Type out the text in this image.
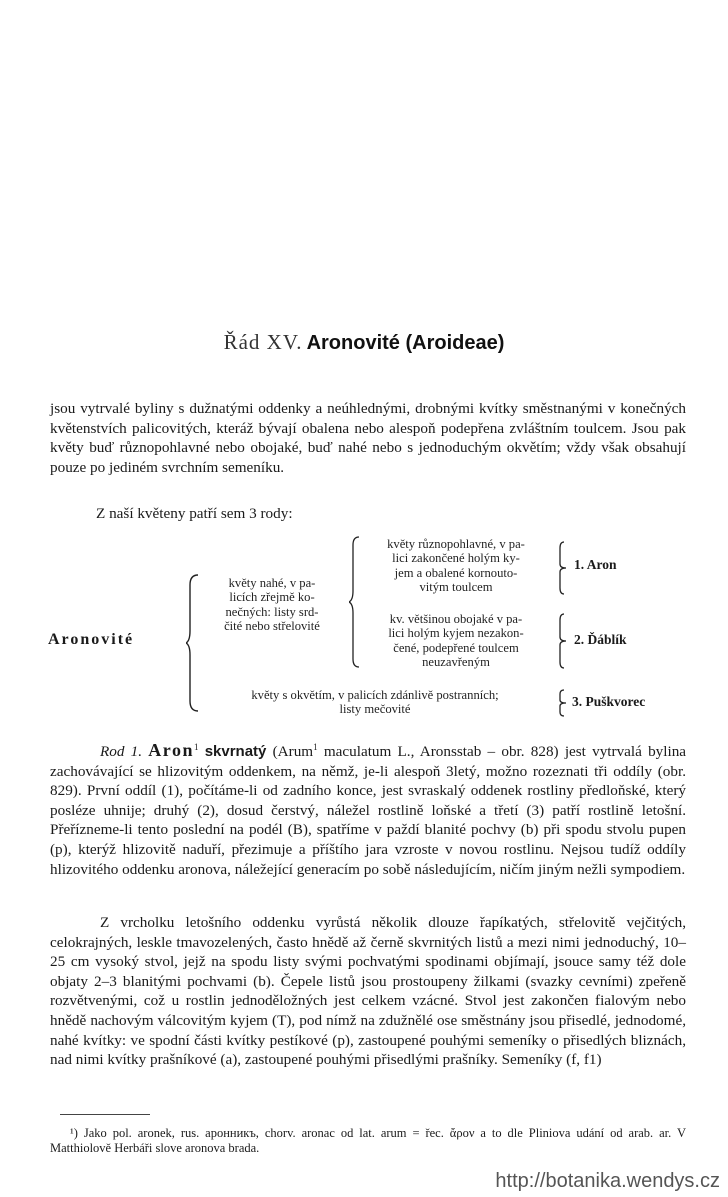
Řád XV. Aronovité (Aroideae)

jsou vytrvalé byliny s dužnatými oddenky a neúhlednými, drobnými kvítky směstnanými v konečných květenstvích palicovitých, kteráž bývají obalena nebo alespoň podepřena zvláštním toulcem. Jsou pak květy buď různopohlavné nebo obojaké, buď nahé nebo s jednoduchým okvětím; vždy však obsahují pouze po jediném svrchním semeníku.

Z naší květeny patří sem 3 rody:
Aronovité
květy nahé, v pa-
licích zřejmě ko-
nečných: listy srd-
čité nebo střelovité
květy různopohlavné, v pa-
lici zakončené holým ky-
jem a obalené kornouto-
vitým toulcem
1. Aron
kv. většinou obojaké v pa-
lici holým kyjem nezakon-
čené, podepřené toulcem
neuzavřeným
2. Ďáblík
květy s okvětím, v palicích zdánlivě postranních;
listy mečovité
3. Puškvorec

Rod 1. Aron$^1$ skvrnatý (Arum$^1$ maculatum L., Aronsstab – obr. 828) jest vytrvalá bylina zachovávající se hlizovitým oddenkem, na němž, je-li alespoň 3letý, možno rozeznati tři oddíly (obr. 829). První oddíl (1), počítáme-li od zadního konce, jest svraskalý oddenek rostliny předloňské, který posléze uhnije; druhý (2), dosud čerstvý, náležel rostlině loňské a třetí (3) patří rostlině letošní. Přeřízneme-li tento poslední na podél (B), spatříme v paždí blanité pochvy (b) při spodu stvolu pupen (p), kterýž hlizovitě naduří, přezimuje a příštího jara vzroste v novou rostlinu. Nejsou tudíž oddíly hlizovitého oddenku aronova, náležející generacím po sobě následujícím, ničím jiným nežli sympodiem.

Z vrcholku letošního oddenku vyrůstá několik dlouze řapíkatých, střelovitě vejčitých, celokrajných, leskle tmavozelených, často hnědě až černě skvrnitých listů a mezi nimi jednoduchý, 10–25 cm vysoký stvol, jejž na spodu listy svými pochvatými spodinami objímají, jsouce samy též dole objaty 2–3 blanitými pochvami (b). Čepele listů jsou prostoupeny žilkami (svazky cevními) zpeřeně rozvětvenými, což u rostlin jednoděložných jest celkem vzácné. Stvol jest zakončen fialovým nebo hnědě nachovým válcovitým kyjem (T), pod nímž na zdužnělé ose směstnány jsou přisedlé, jednodomé, nahé kvítky: ve spodní části kvítky pestíkové (p), zastoupené pouhými semeníky o přisedlých bliznách, nad nimi kvítky prašníkové (a), zastoupené pouhými přisedlými prašníky. Semeníky (f, f1)

¹) Jako pol. aronek, rus. аронникъ, chorv. aronac od lat. arum = řec. ἄρον a to dle Pliniova udání od arab. ar. V Matthiolově Herbáři slove aronova brada.

http://botanika.wendys.cz
